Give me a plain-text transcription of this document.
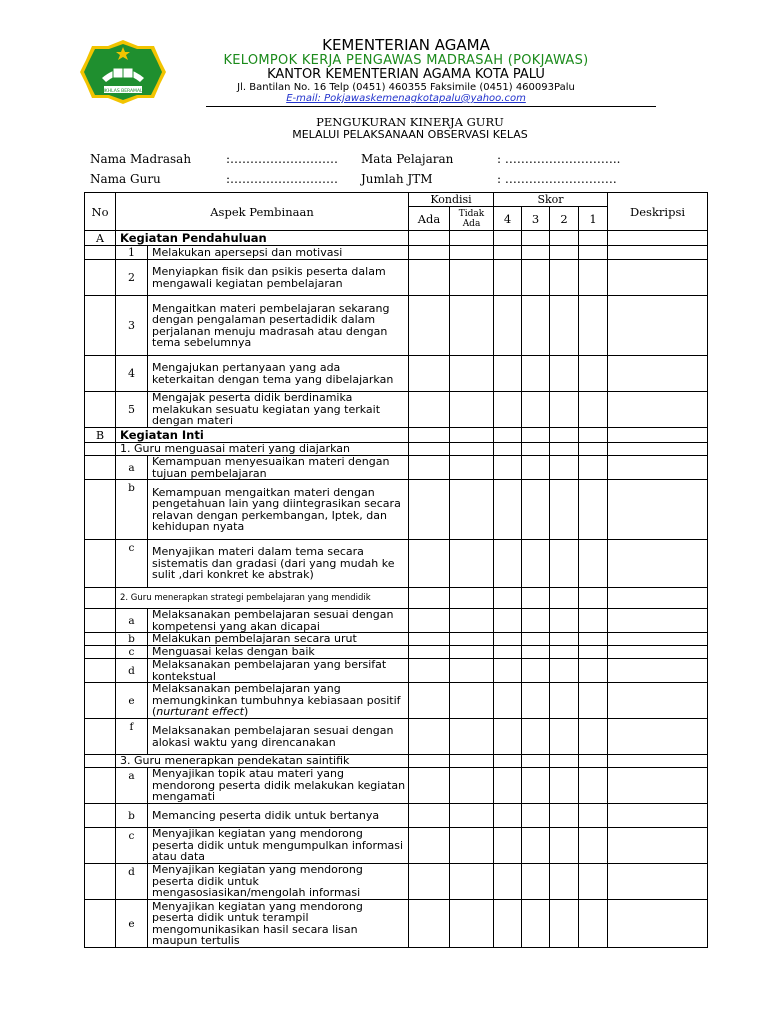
IKHLAS BERAMAL
KEMENTERIAN AGAMA
KELOMPOK KERJA PENGAWAS MADRASAH (POKJAWAS)
KANTOR KEMENTERIAN AGAMA KOTA PALU
Jl. Bantilan No. 16 Telp (0451) 460355 Faksimile (0451) 460093Palu
E-mail: Pokjawaskemenagkotapalu@yahoo.com
PENGUKURAN KINERJA GURU
MELALUI PELAKSANAAN OBSERVASI KELAS
Nama Madrasah	:……………………… Mata Pelajaran	: ………………………..
Nama Guru	:……………………… Jumlah JTM	: ……………………….
No	Aspek Pembinaan		Kondisi		Skor				Deskripsi
			Ada	Tidak Ada	4	3	2	1	
A	Kegiatan Pendahuluan								
	1	Melakukan apersepsi dan motivasi							
	2	Menyiapkan fisik dan psikis peserta dalam mengawali kegiatan pembelajaran							
	3	Mengaitkan materi pembelajaran sekarang dengan pengalaman pesertadidik dalam perjalanan menuju madrasah atau dengan tema sebelumnya							
	4	Mengajukan pertanyaan yang ada keterkaitan dengan tema yang dibelajarkan							
	5	Mengajak peserta didik berdinamika melakukan sesuatu kegiatan yang terkait dengan materi							
B	Kegiatan Inti								
	1. Guru menguasai materi yang diajarkan								
	a	Kemampuan menyesuaikan materi dengan tujuan pembelajaran							
	b	Kemampuan mengaitkan materi dengan pengetahuan lain yang diintegrasikan secara relavan dengan perkembangan, Iptek, dan kehidupan nyata							
	c	Menyajikan materi dalam tema secara sistematis dan gradasi (dari yang mudah ke sulit ,dari konkret ke abstrak)							
	2. Guru menerapkan strategi pembelajaran yang mendidik								
	a	Melaksanakan pembelajaran sesuai dengan kompetensi yang akan dicapai							
	b	Melakukan pembelajaran secara urut							
	c	Menguasai kelas dengan baik							
	d	Melaksanakan pembelajaran yang bersifat kontekstual							
	e	Melaksanakan pembelajaran yang memungkinkan tumbuhnya kebiasaan positif (nurturant effect)							
	f	Melaksanakan pembelajaran sesuai dengan alokasi waktu yang direncanakan							
	3. Guru menerapkan pendekatan saintifik								
	a	Menyajikan topik atau materi yang mendorong peserta didik melakukan kegiatan mengamati							
	b	Memancing peserta didik untuk bertanya							
	c	Menyajikan kegiatan yang mendorong peserta didik untuk mengumpulkan informasi atau data							
	d	Menyajikan kegiatan yang mendorong peserta didik untuk mengasosiasikan/mengolah informasi							
	e	Menyajikan kegiatan yang mendorong peserta didik untuk terampil mengomunikasikan hasil secara lisan maupun tertulis							
